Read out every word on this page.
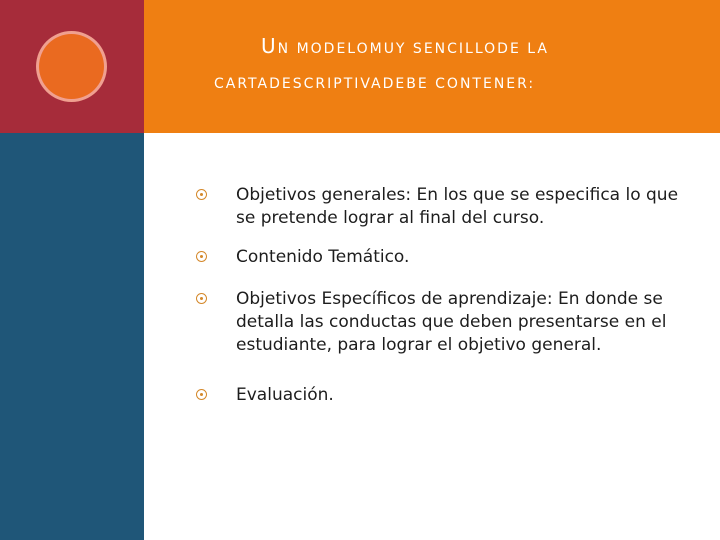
UN MODELOMUY SENCILLODE LA
CARTADESCRIPTIVADEBE CONTENER:
Objetivos generales: En los que se especifica lo que se pretende lograr al final del curso.
Contenido Temático.
Objetivos Específicos de aprendizaje: En donde se detalla las conductas que deben presentarse en el estudiante, para lograr el objetivo general.
Evaluación.
